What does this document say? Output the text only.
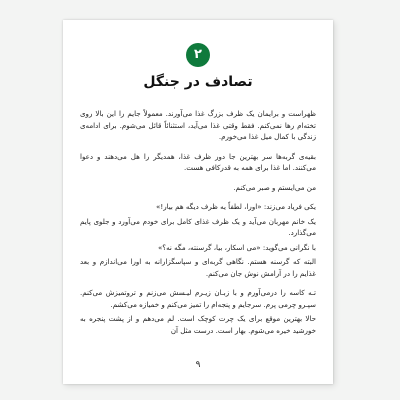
۲
تصادف در جنگل

ظهراست و برایمان یک ظرف بزرگ غذا می‌آورند. معمولاً جایم را این بالا روی تخته‌ام رها نمی‌کنم. فقط وقتی غذا می‌آید، استثنائاً قائل می‌شوم. برای ادامه‌ی زندگی با کمال میل غذا می‌خورم.

بقیه‌ی گربه‌ها سر بهترین جا دور ظرف غذا، همدیگر را هل می‌دهند و دعوا می‌کنند. اما غذا برای همه به قدرکافی هست.

من می‌ایستم و صبر می‌کنم.

یکی فریاد می‌زند: «اورا، لطفاً یه ظرف دیگه هم بیار!»

یک خانم مهربان می‌آید و یک ظرف غذای کامل برای خودم می‌آورد و جلوی پایم می‌گذارد.

با نگرانی می‌گوید: «می اسکار، بیا، گرسنته، مگه نه؟»

البته که گرسنه هستم. نگاهی گربه‌ای و سپاسگزارانه به اورا می‌اندازم و بعد غذایم را در آرامش نوش جان می‌کنم.

تـه کاسه را درمی‌آورم و با زبـان زیـرم لیـسش می‌زنم و تروتمیزش می‌کنم. سپـرو چرمی پرم. سرجایم و پنجه‌ام را تمیز می‌کنم و خمیازه می‌کشم.

حالا بهترین موقع برای یک چرت کوچک است. لم می‌دهم و از پشت پنجره به خورشید خیره می‌شوم. بهار است. درست مثل آن

۹
